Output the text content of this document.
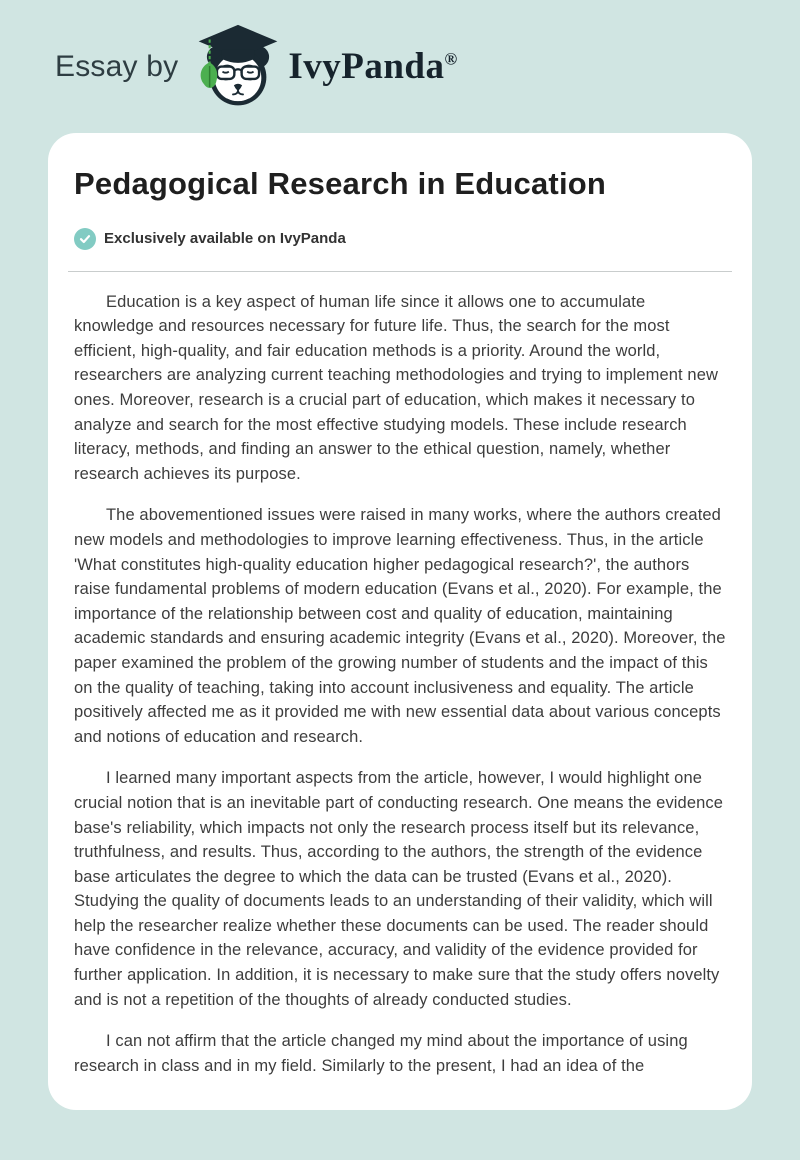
Essay by	IvyPanda®
Pedagogical Research in Education
Exclusively available on IvyPanda

Education is a key aspect of human life since it allows one to accumulate knowledge and resources necessary for future life. Thus, the search for the most efficient, high-quality, and fair education methods is a priority. Around the world, researchers are analyzing current teaching methodologies and trying to implement new ones. Moreover, research is a crucial part of education, which makes it necessary to analyze and search for the most effective studying models. These include research literacy, methods, and finding an answer to the ethical question, namely, whether research achieves its purpose.

The abovementioned issues were raised in many works, where the authors created new models and methodologies to improve learning effectiveness. Thus, in the article 'What constitutes high-quality education higher pedagogical research?', the authors raise fundamental problems of modern education (Evans et al., 2020). For example, the importance of the relationship between cost and quality of education, maintaining academic standards and ensuring academic integrity (Evans et al., 2020). Moreover, the paper examined the problem of the growing number of students and the impact of this on the quality of teaching, taking into account inclusiveness and equality. The article positively affected me as it provided me with new essential data about various concepts and notions of education and research.

I learned many important aspects from the article, however, I would highlight one crucial notion that is an inevitable part of conducting research. One means the evidence base's reliability, which impacts not only the research process itself but its relevance, truthfulness, and results. Thus, according to the authors, the strength of the evidence base articulates the degree to which the data can be trusted (Evans et al., 2020). Studying the quality of documents leads to an understanding of their validity, which will help the researcher realize whether these documents can be used. The reader should have confidence in the relevance, accuracy, and validity of the evidence provided for further application. In addition, it is necessary to make sure that the study offers novelty and is not a repetition of the thoughts of already conducted studies.

I can not affirm that the article changed my mind about the importance of using research in class and in my field. Similarly to the present, I had an idea of the
